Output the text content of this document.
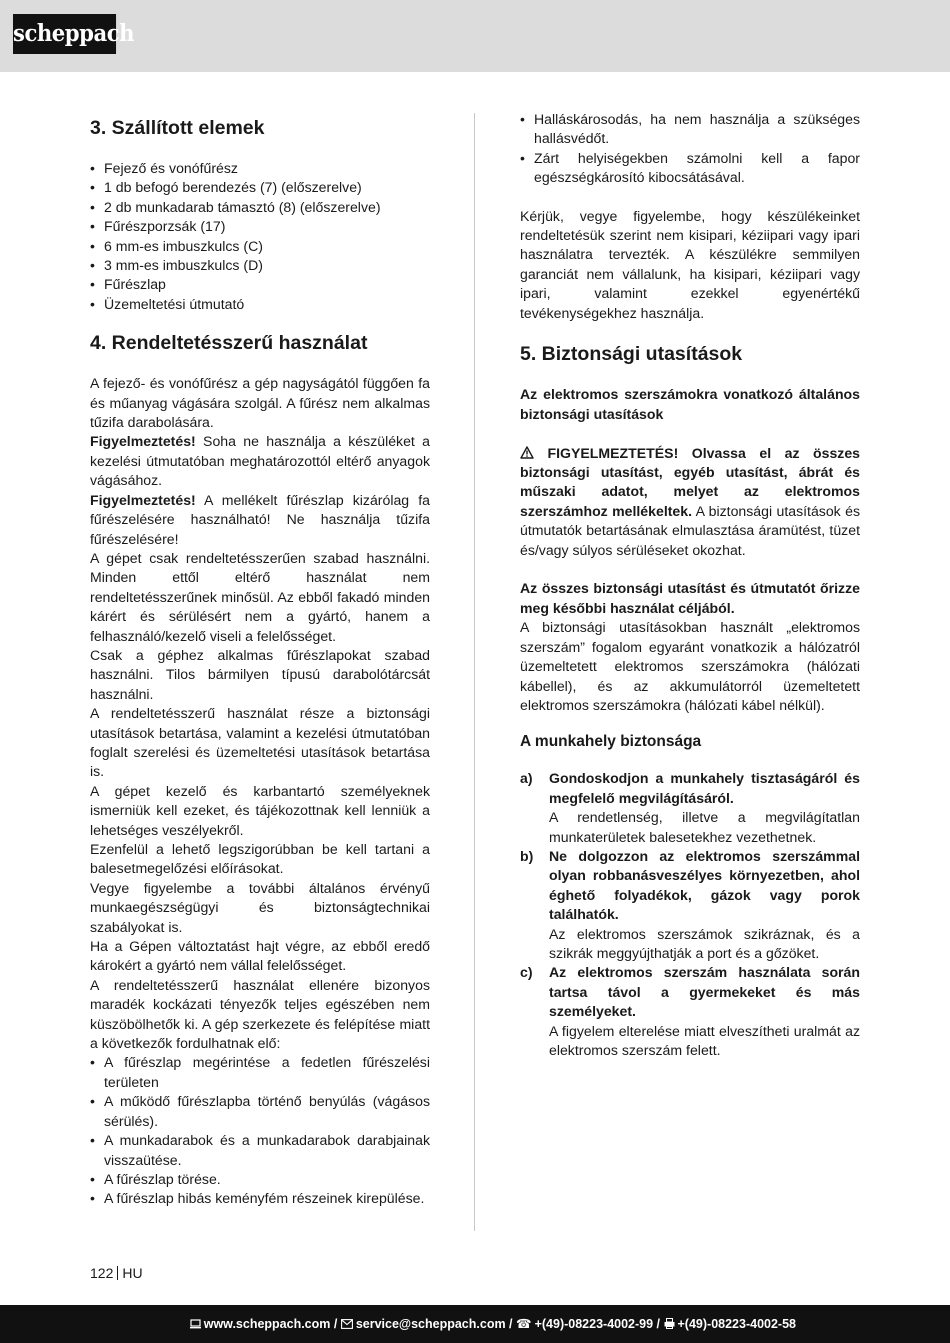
scheppach
3. Szállított elemek
• Fejező és vonófűrész
• 1 db befogó berendezés (7) (előszerelve)
• 2 db munkadarab támasztó (8) (előszerelve)
• Fűrészporzsák (17)
• 6 mm-es imbuszkulcs (C)
• 3 mm-es imbuszkulcs (D)
• Fűrészlap
• Üzemeltetési útmutató
4. Rendeltetésszerű használat

A fejező- és vonófűrész a gép nagyságától függően fa és műanyag vágására szolgál. A fűrész nem alkalmas tűzifa darabolására.

Figyelmeztetés! Soha ne használja a készüléket a kezelési útmutatóban meghatározottól eltérő anyagok vágásához.

Figyelmeztetés! A mellékelt fűrészlap kizárólag fa fűrészelésére használható! Ne használja tűzifa fűrészelésére!

A gépet csak rendeltetésszerűen szabad használni. Minden ettől eltérő használat nem rendeltetésszerűnek minősül. Az ebből fakadó minden kárért és sérülésért nem a gyártó, hanem a felhasználó/kezelő viseli a felelősséget.

Csak a géphez alkalmas fűrészlapokat szabad használni. Tilos bármilyen típusú darabolótárcsát használni.

A rendeltetésszerű használat része a biztonsági utasítások betartása, valamint a kezelési útmutatóban foglalt szerelési és üzemeltetési utasítások betartása is.

A gépet kezelő és karbantartó személyeknek ismerniük kell ezeket, és tájékozottnak kell lenniük a lehetséges veszélyekről.

Ezenfelül a lehető legszigorúbban be kell tartani a balesetmegelőzési előírásokat.

Vegye figyelembe a további általános érvényű munkaegészségügyi és biztonságtechnikai szabályokat is.

Ha a Gépen változtatást hajt végre, az ebből eredő károkért a gyártó nem vállal felelősséget.

A rendeltetésszerű használat ellenére bizonyos maradék kockázati tényezők teljes egészében nem küszöbölhetők ki. A gép szerkezete és felépítése miatt a következők fordulhatnak elő:

• A fűrészlap megérintése a fedetlen fűrészelési területen
• A működő fűrészlapba történő benyúlás (vágásos sérülés).
• A munkadarabok és a munkadarabok darabjainak visszaütése.
• A fűrészlap törése.
• A fűrészlap hibás keményfém részeinek kirepülése.
• Halláskárosodás, ha nem használja a szükséges hallásvédőt.
• Zárt helyiségekben számolni kell a fapor egészségkárosító kibocsátásával.

Kérjük, vegye figyelembe, hogy készülékeinket rendeltetésük szerint nem kisipari, kéziipari vagy ipari használatra tervezték. A készülékre semmilyen garanciát nem vállalunk, ha kisipari, kéziipari vagy ipari, valamint ezekkel egyenértékű tevékenységekhez használja.

5. Biztonsági utasítások

Az elektromos szerszámokra vonatkozó általános biztonsági utasítások

FIGYELMEZTETÉS! Olvassa el az összes biztonsági utasítást, egyéb utasítást, ábrát és műszaki adatot, melyet az elektromos szerszámhoz mellékeltek. A biztonsági utasítások és útmutatók betartásának elmulasztása áramütést, tüzet és/vagy súlyos sérüléseket okozhat.

Az összes biztonsági utasítást és útmutatót őrizze meg későbbi használat céljából.

A biztonsági utasításokban használt „elektromos szerszám” fogalom egyaránt vonatkozik a hálózatról üzemeltetett elektromos szerszámokra (hálózati kábellel), és az akkumulátorról üzemeltetett elektromos szerszámokra (hálózati kábel nélkül).

A munkahely biztonsága
a) Gondoskodjon a munkahely tisztaságáról és megfelelő megvilágításáról.
A rendetlenség, illetve a megvilágítatlan munkaterületek balesetekhez vezethetnek.
b) Ne dolgozzon az elektromos szerszámmal olyan robbanásveszélyes környezetben, ahol éghető folyadékok, gázok vagy porok találhatók.
Az elektromos szerszámok szikráznak, és a szikrák meggyújthatják a port és a gőzöket.
c) Az elektromos szerszám használata során tartsa távol a gyermekeket és más személyeket.
A figyelem elterelése miatt elveszítheti uralmát az elektromos szerszám felett.
122 HU
www.scheppach.com / service@scheppach.com / ☎ +(49)-08223-4002-99 / +(49)-08223-4002-58
